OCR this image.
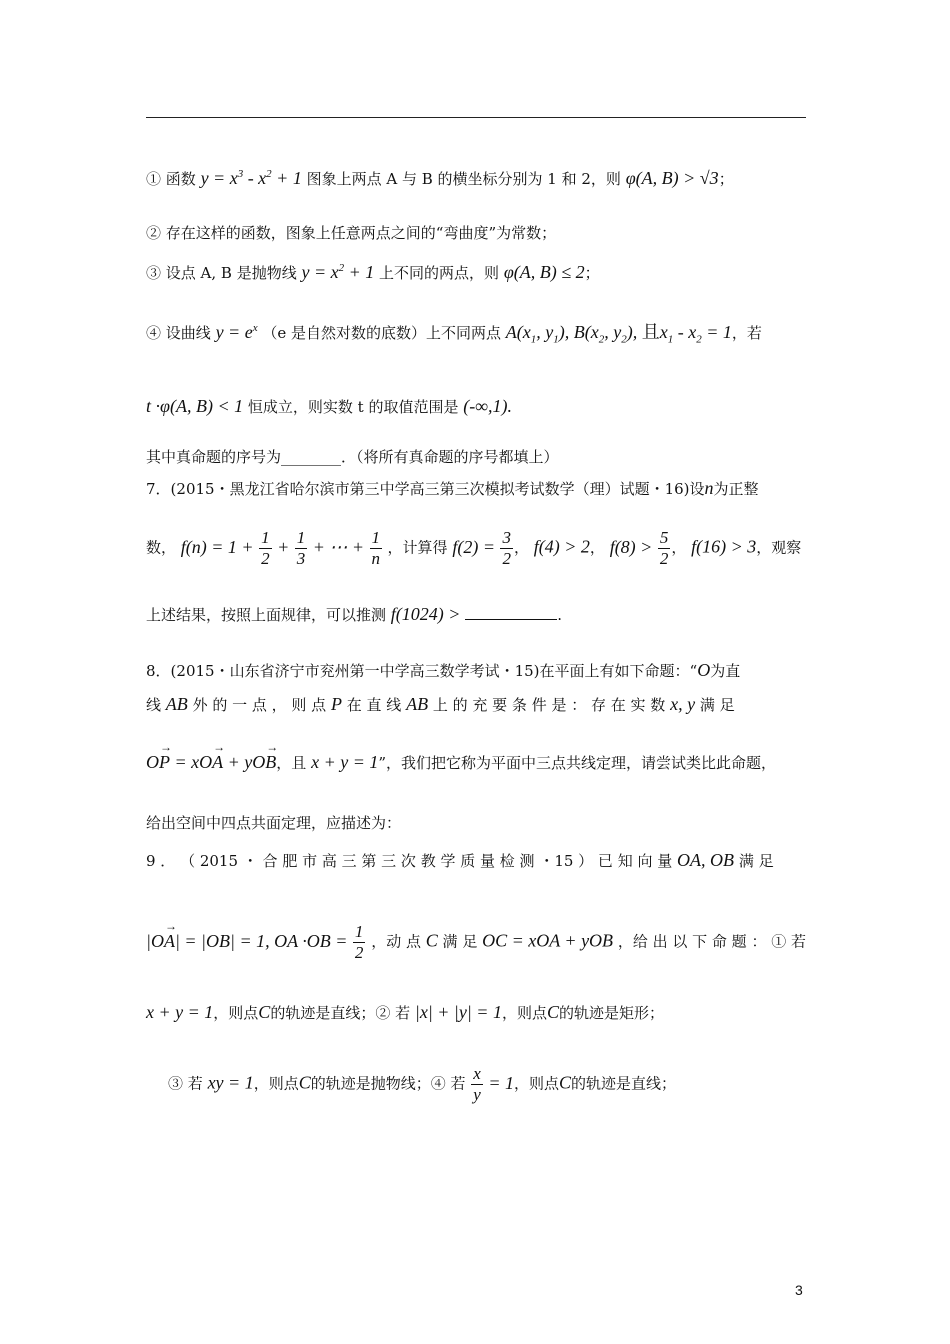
① 函数 $y = x^3 - x^2 + 1$ 图象上两点 A 与 B 的横坐标分别为 1 和 2，则 φ(A, B) > √3；
② 存在这样的函数，图象上任意两点之间的“弯曲度”为常数；
③ 设点 A, B 是抛物线 $y = x^2 + 1$ 上不同的两点，则 φ(A, B) ≤ 2；
④ 设曲线 $y = e^x$ （e 是自然对数的底数）上不同两点 $A(x_1$, $y_1$), $B(x_2$, $y_2$), 且$x_1 - x_2 = 1$，若
t ·φ(A, B) < 1 恒成立，则实数 t 的取值范围是 (-∞,1).
其中真命题的序号为________．（将所有真命题的序号都填上）
7．(2015・黑龙江省哈尔滨市第三中学高三第三次模拟考试数学（理）试题・16)设n为正整
数， $f(n) = 1 + \frac{1}{2} + \frac{1}{3}$ + ⋯ + $\frac{1}{n}$ ，计算得 $f(2) = \frac{3}{2}$ ， f(4) > 2， $f(8) > \frac{5}{2}$ ， f(16) > 3，观察
上述结果，按照上面规律，可以推测 f(1024) >	.
8．(2015・山东省济宁市兖州第一中学高三数学考试・15)在平面上有如下命题：“O为直
线 AB 外 的 一 点 ， 则 点 P 在 直 线 AB 上 的 充 要 条 件 是 ： 存 在 实 数 x, y 满 足
→ OP = x→ OA + y→ OB，且 x + y = 1”，我们把它称为平面中三点共线定理，请尝试类比此命题，
给出空间中四点共面定理，应描述为：
9 ． （ 2015 ・ 合 肥 市 高 三 第 三 次 教 学 质 量 检 测 ・15 ） 已 知 向 量 OA, OB 满 足
|→ OA| = |OB| = 1, OA $\cdot OB = \frac{1}{2}$ ，动 点 C 满 足 OC = xOA + yOB ，给 出 以 下 命 题 ： ① 若
x + y = 1，则点C的轨迹是直线；② 若 |x| + |y| = 1，则点C的轨迹是矩形；
③ 若 xy = 1，则点C的轨迹是抛物线；④ 若 $\frac{x}{y} = 1$，则点C的轨迹是直线；
3
